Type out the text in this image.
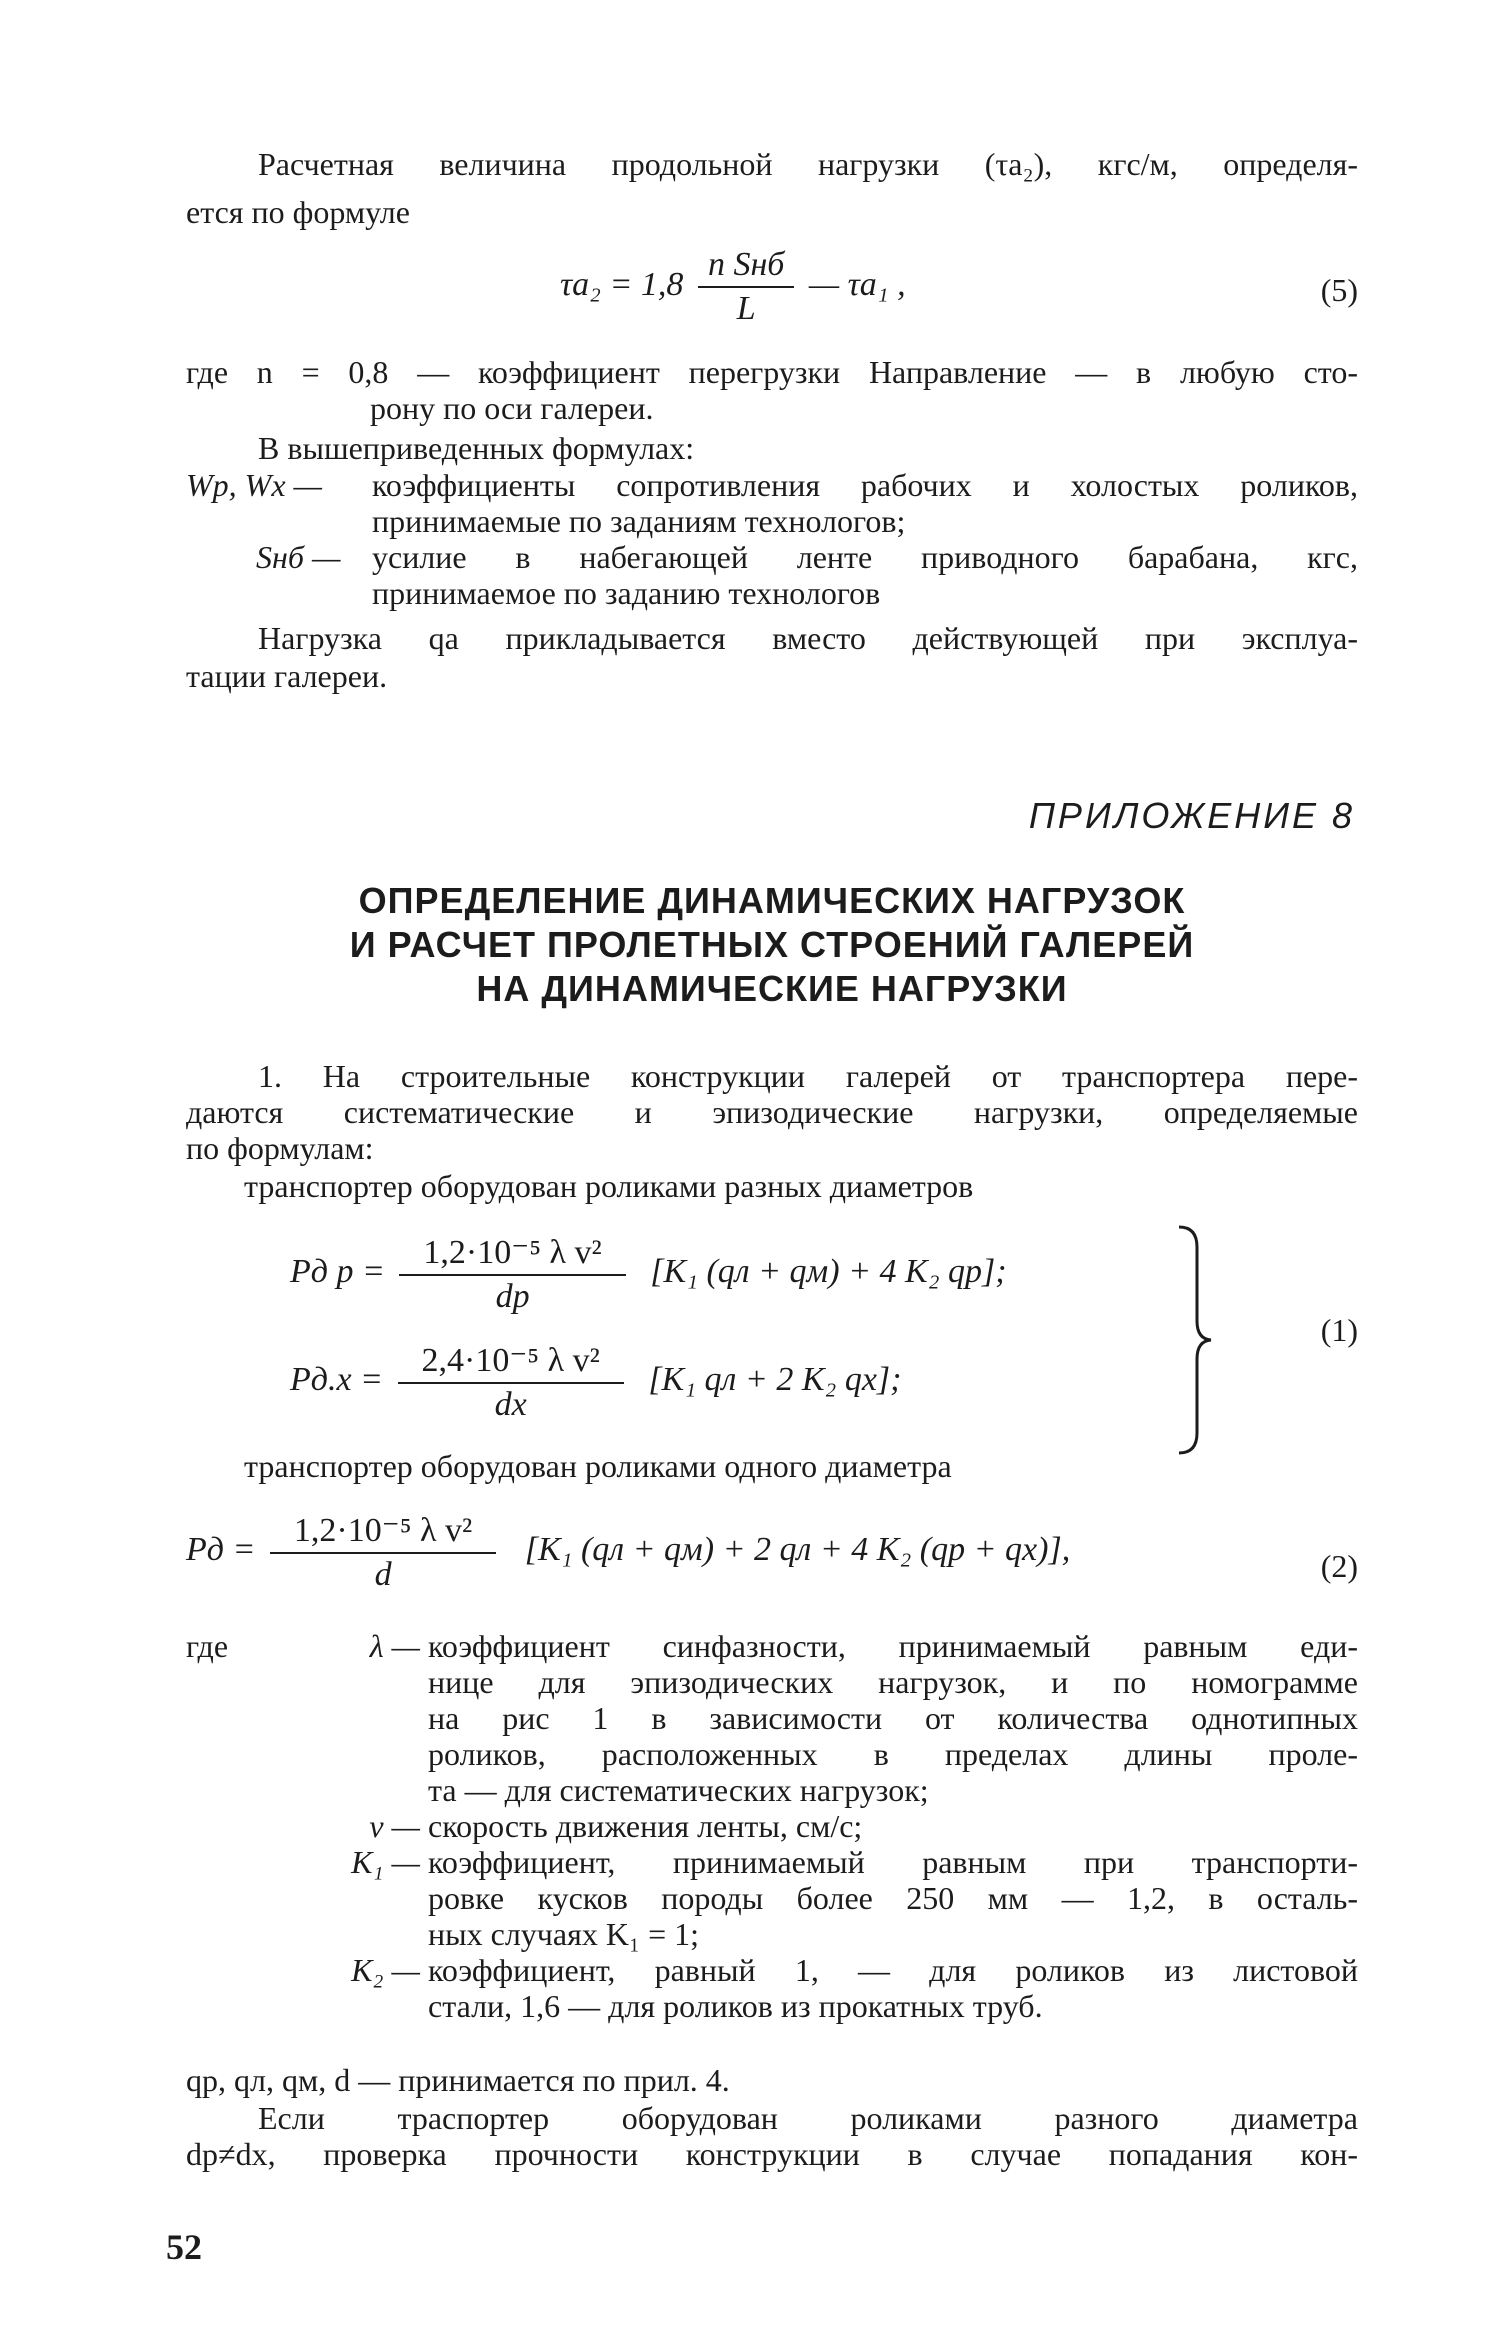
Расчетная величина продольной нагрузки (τa₂), кгс/м, определя-
ется по формуле
$\tau a_2 = 1,8 \frac{\text{n Sнб}}{L}$ — τa₁ ,	(5)
где n = 0,8 — коэффициент перегрузки Направление — в любую сто-
рону по оси галереи.
В вышеприведенных формулах:
Wр, Wх —	коэффициенты сопротивления рабочих и холостых роликов,
принимаемые по заданиям технологов;
Sнб — усилие в набегающей ленте приводного барабана, кгс,
принимаемое по заданию технологов
Нагрузка qa прикладывается вместо действующей при эксплуа-
тации галереи.
ПРИЛОЖЕНИЕ 8
ОПРЕДЕЛЕНИЕ ДИНАМИЧЕСКИХ НАГРУЗОК
И РАСЧЕТ ПРОЛЕТНЫХ СТРОЕНИЙ ГАЛЕРЕЙ
НА ДИНАМИЧЕСКИЕ НАГРУЗКИ
1. На строительные конструкции галерей от транспортера пере-
даются систематические и эпизодические нагрузки, определяемые
по формулам:
транспортер оборудован роликами разных диаметров
Pд $р = \frac{\text{1,2·10⁻⁵ λ v²}}{dр} [K_1$ (qл + qм) + 4 K₂ qр];
$Pд.х = \frac{\text{2,4·10⁻⁵ λ v²}}{dх} [K_1$ qл + 2 K₂ qх];
(1)
транспортер оборудован роликами одного диаметра
Pд = $\frac{\text{1,2·10⁻⁵ λ v²}}{d} [K_1$ (qл + qм) + 2 qл + 4 K₂ (qр + qх)],	(2)
где	λ — коэффициент синфазности, принимаемый равным еди-
нице для эпизодических нагрузок, и по номограмме
на рис 1 в зависимости от количества однотипных
роликов, расположенных в пределах длины проле-
та — для систематических нагрузок;
v — скорость движения ленты, см/с;
K₁ — коэффициент, принимаемый равным при транспорти-
ровке кусков породы более 250 мм — 1,2, в осталь-
ных случаях K₁ = 1;
K₂ — коэффициент, равный 1, — для роликов из листовой
стали, 1,6 — для роликов из прокатных труб.
qр, qл, qм, d — принимается по прил. 4.
Если траспортер оборудован роликами разного диаметра
dр≠dх, проверка прочности конструкции в случае попадания кон-
52
